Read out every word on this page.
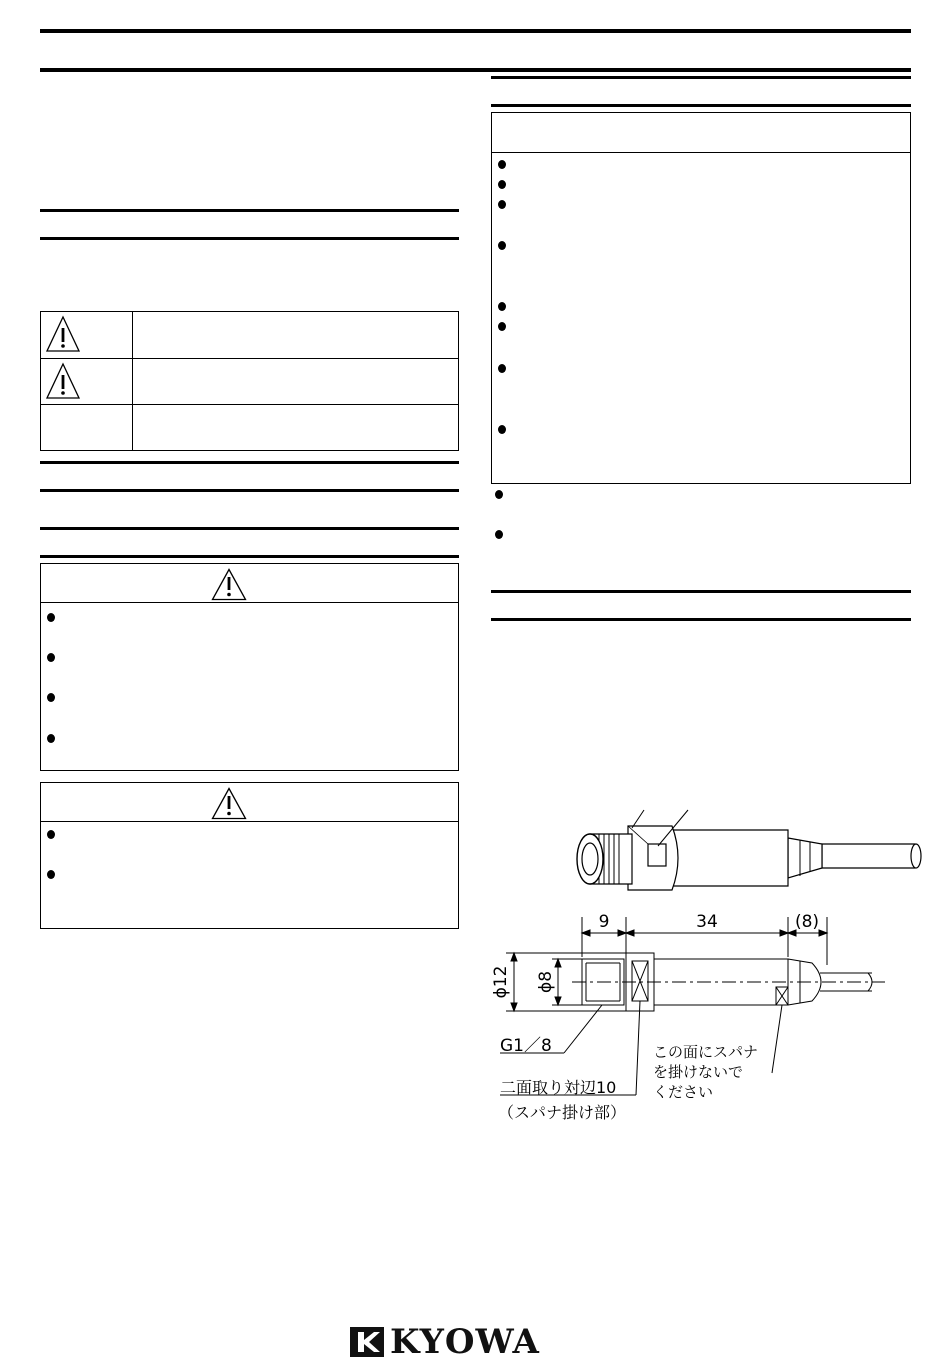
9	34	(8)
ϕ12 ϕ8
G1／8
二面取り対辺10
（スパナ掛け部）
この面にスパナ
を掛けないで
ください
KYOWA
